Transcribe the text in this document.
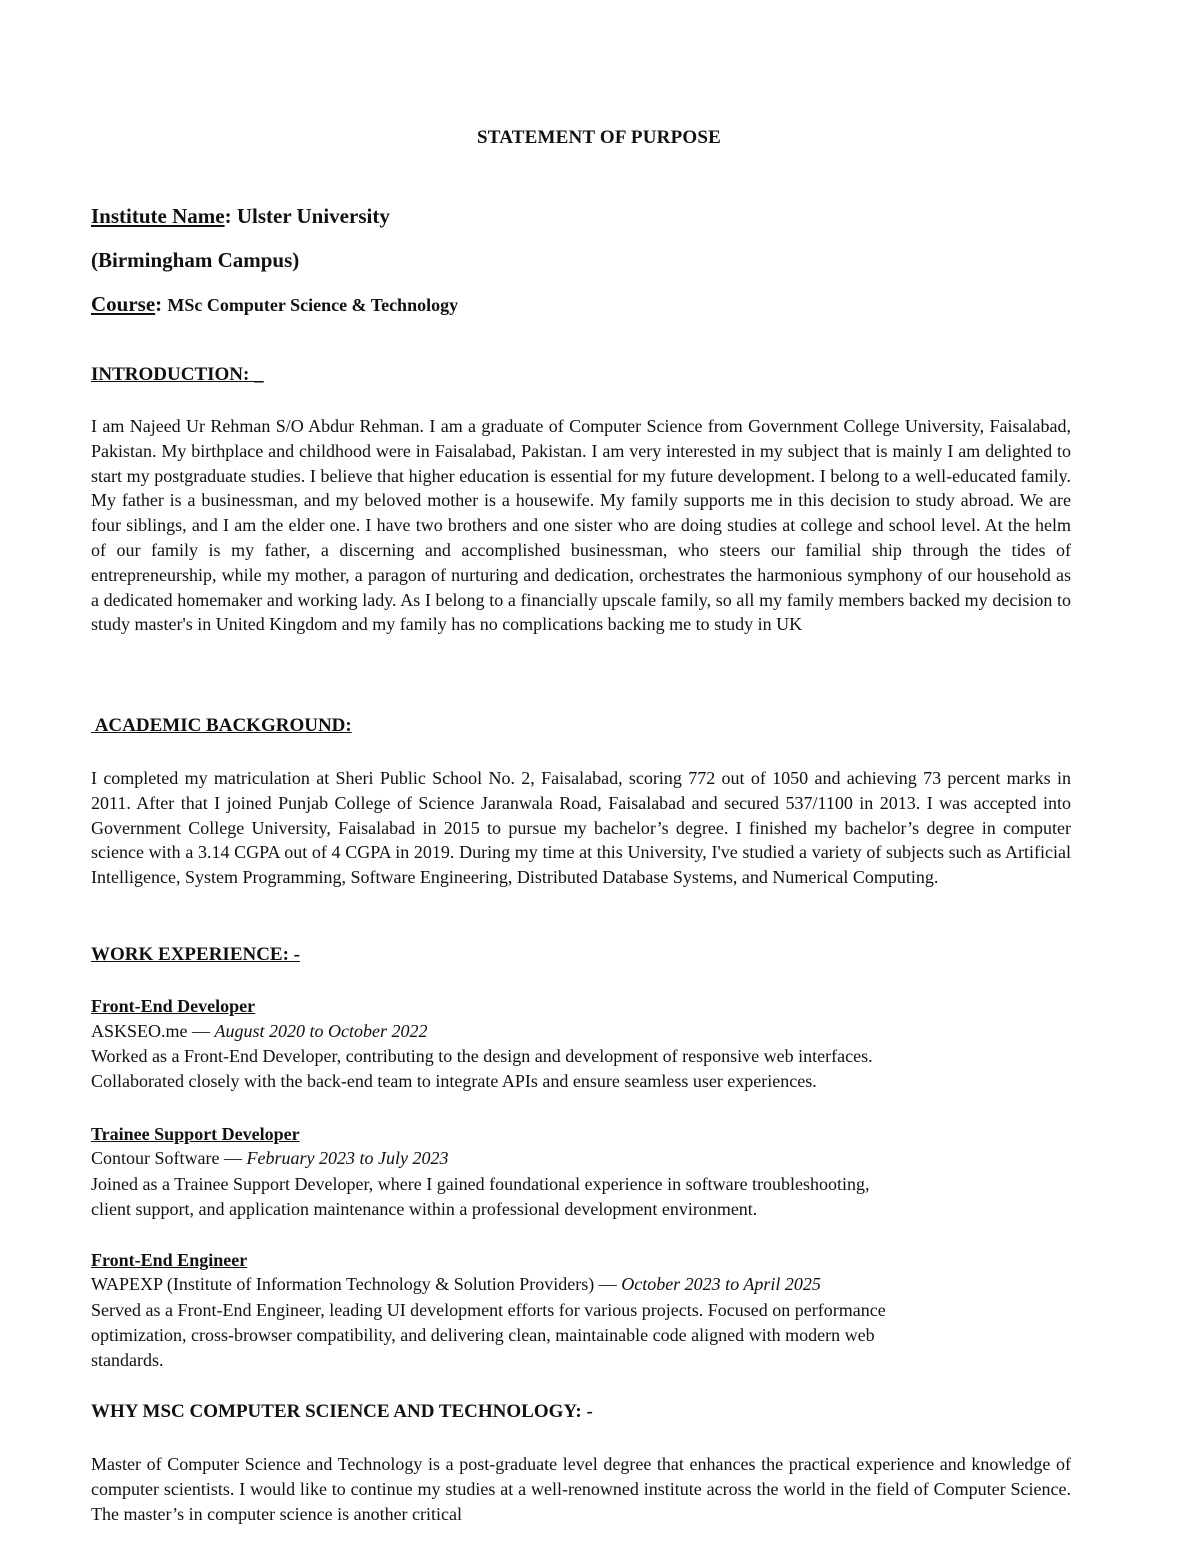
STATEMENT OF PURPOSE

Institute Name: Ulster University

(Birmingham Campus)

Course: MSc Computer Science & Technology

INTRODUCTION: _

I am Najeed Ur Rehman S/O Abdur Rehman. I am a graduate of Computer Science from Government College University, Faisalabad, Pakistan. My birthplace and childhood were in Faisalabad, Pakistan. I am very interested in my subject that is mainly I am delighted to start my postgraduate studies. I believe that higher education is essential for my future development. I belong to a well-educated family. My father is a businessman, and my beloved mother is a housewife. My family supports me in this decision to study abroad. We are four siblings, and I am the elder one. I have two brothers and one sister who are doing studies at college and school level. At the helm of our family is my father, a discerning and accomplished businessman, who steers our familial ship through the tides of entrepreneurship, while my mother, a paragon of nurturing and dedication, orchestrates the harmonious symphony of our household as a dedicated homemaker and working lady. As I belong to a financially upscale family, so all my family members backed my decision to study master's in United Kingdom and my family has no complications backing me to study in UK

ACADEMIC BACKGROUND:

I completed my matriculation at Sheri Public School No. 2, Faisalabad, scoring 772 out of 1050 and achieving 73 percent marks in 2011. After that I joined Punjab College of Science Jaranwala Road, Faisalabad and secured 537/1100 in 2013. I was accepted into Government College University, Faisalabad in 2015 to pursue my bachelor’s degree. I finished my bachelor’s degree in computer science with a 3.14 CGPA out of 4 CGPA in 2019. During my time at this University, I've studied a variety of subjects such as Artificial Intelligence, System Programming, Software Engineering, Distributed Database Systems, and Numerical Computing.

WORK EXPERIENCE: -

Front-End Developer

ASKSEO.me — August 2020 to October 2022

Worked as a Front-End Developer, contributing to the design and development of responsive web interfaces.
Collaborated closely with the back-end team to integrate APIs and ensure seamless user experiences.

Trainee Support Developer

Contour Software — February 2023 to July 2023

Joined as a Trainee Support Developer, where I gained foundational experience in software troubleshooting,
client support, and application maintenance within a professional development environment.

Front-End Engineer

WAPEXP (Institute of Information Technology & Solution Providers) — October 2023 to April 2025

Served as a Front-End Engineer, leading UI development efforts for various projects. Focused on performance
optimization, cross-browser compatibility, and delivering clean, maintainable code aligned with modern web
standards.

WHY MSC COMPUTER SCIENCE AND TECHNOLOGY: -

Master of Computer Science and Technology is a post-graduate level degree that enhances the practical experience and knowledge of computer scientists. I would like to continue my studies at a well-renowned institute across the world in the field of Computer Science. The master’s in computer science is another critical
